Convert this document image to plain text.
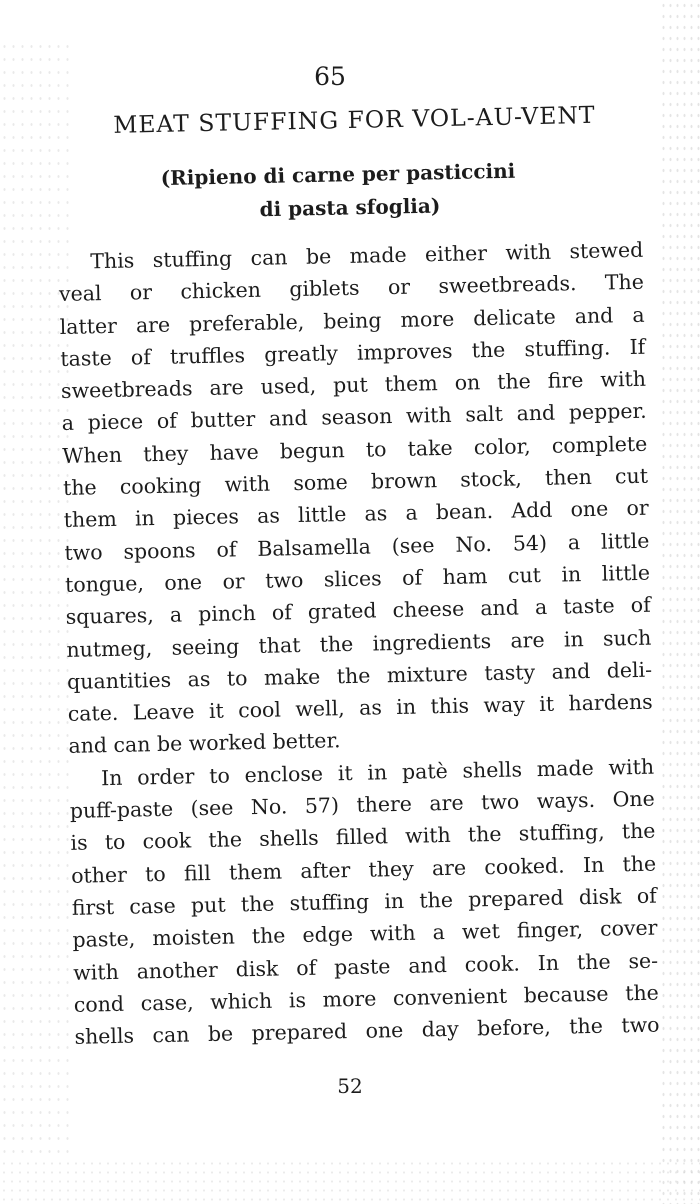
65
MEAT STUFFING FOR VOL-AU-VENT
(Ripieno di carne per pasticcini
di pasta sfoglia)
This stuffing can be made either with stewed
veal or chicken giblets or sweetbreads. The
latter are preferable, being more delicate and a
taste of truffles greatly improves the stuffing. If
sweetbreads are used, put them on the fire with
a piece of butter and season with salt and pepper.
When they have begun to take color, complete
the cooking with some brown stock, then cut
them in pieces as little as a bean. Add one or
two spoons of Balsamella (see No. 54) a little
tongue, one or two slices of ham cut in little
squares, a pinch of grated cheese and a taste of
nutmeg, seeing that the ingredients are in such
quantities as to make the mixture tasty and deli-
cate. Leave it cool well, as in this way it hardens
and can be worked better.
In order to enclose it in patè shells made with
puff-paste (see No. 57) there are two ways. One
is to cook the shells filled with the stuffing, the
other to fill them after they are cooked. In the
first case put the stuffing in the prepared disk of
paste, moisten the edge with a wet finger, cover
with another disk of paste and cook. In the se-
cond case, which is more convenient because the
shells can be prepared one day before, the two
52
